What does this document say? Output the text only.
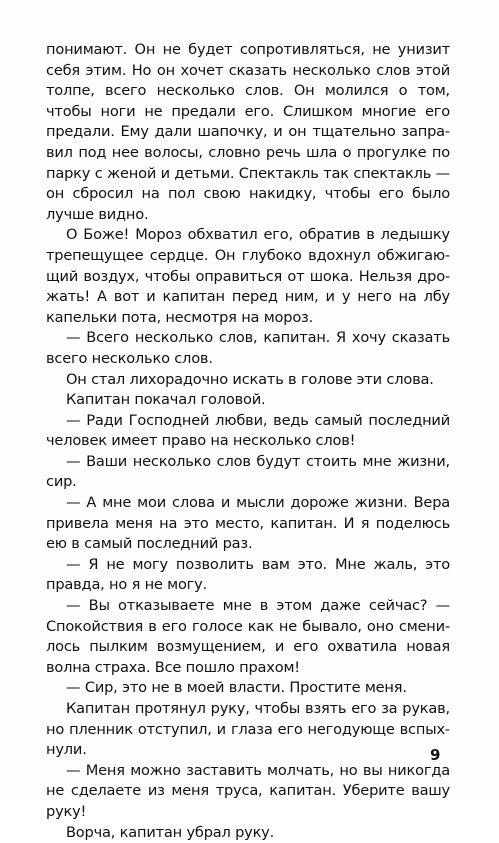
понимают. Он не будет сопротивляться, не унизит
себя этим. Но он хочет сказать несколько слов этой
толпе, всего несколько слов. Он молился о том,
чтобы ноги не предали его. Слишком многие его
предали. Ему дали шапочку, и он тщательно запра-
вил под нее волосы, словно речь шла о прогулке по
парку с женой и детьми. Спектакль так спектакль —
он сбросил на пол свою накидку, чтобы его было
лучше видно.
О Боже! Мороз обхватил его, обратив в ледышку
трепещущее сердце. Он глубоко вдохнул обжигаю-
щий воздух, чтобы оправиться от шока. Нельзя дро-
жать! А вот и капитан перед ним, и у него на лбу
капельки пота, несмотря на мороз.
— Всего несколько слов, капитан. Я хочу сказать
всего несколько слов.
Он стал лихорадочно искать в голове эти слова.
Капитан покачал головой.
— Ради Господней любви, ведь самый последний
человек имеет право на несколько слов!
— Ваши несколько слов будут стоить мне жизни,
сир.
— А мне мои слова и мысли дороже жизни. Вера
привела меня на это место, капитан. И я поделюсь
ею в самый последний раз.
— Я не могу позволить вам это. Мне жаль, это
правда, но я не могу.
— Вы отказываете мне в этом даже сейчас? —
Спокойствия в его голосе как не бывало, оно смени-
лось пылким возмущением, и его охватила новая
волна страха. Все пошло прахом!
— Сир, это не в моей власти. Простите меня.
Капитан протянул руку, чтобы взять его за рукав,
но пленник отступил, и глаза его негодующе вспых-
нули.
— Меня можно заставить молчать, но вы никогда
не сделаете из меня труса, капитан. Уберите вашу
руку!
Ворча, капитан убрал руку.
9
